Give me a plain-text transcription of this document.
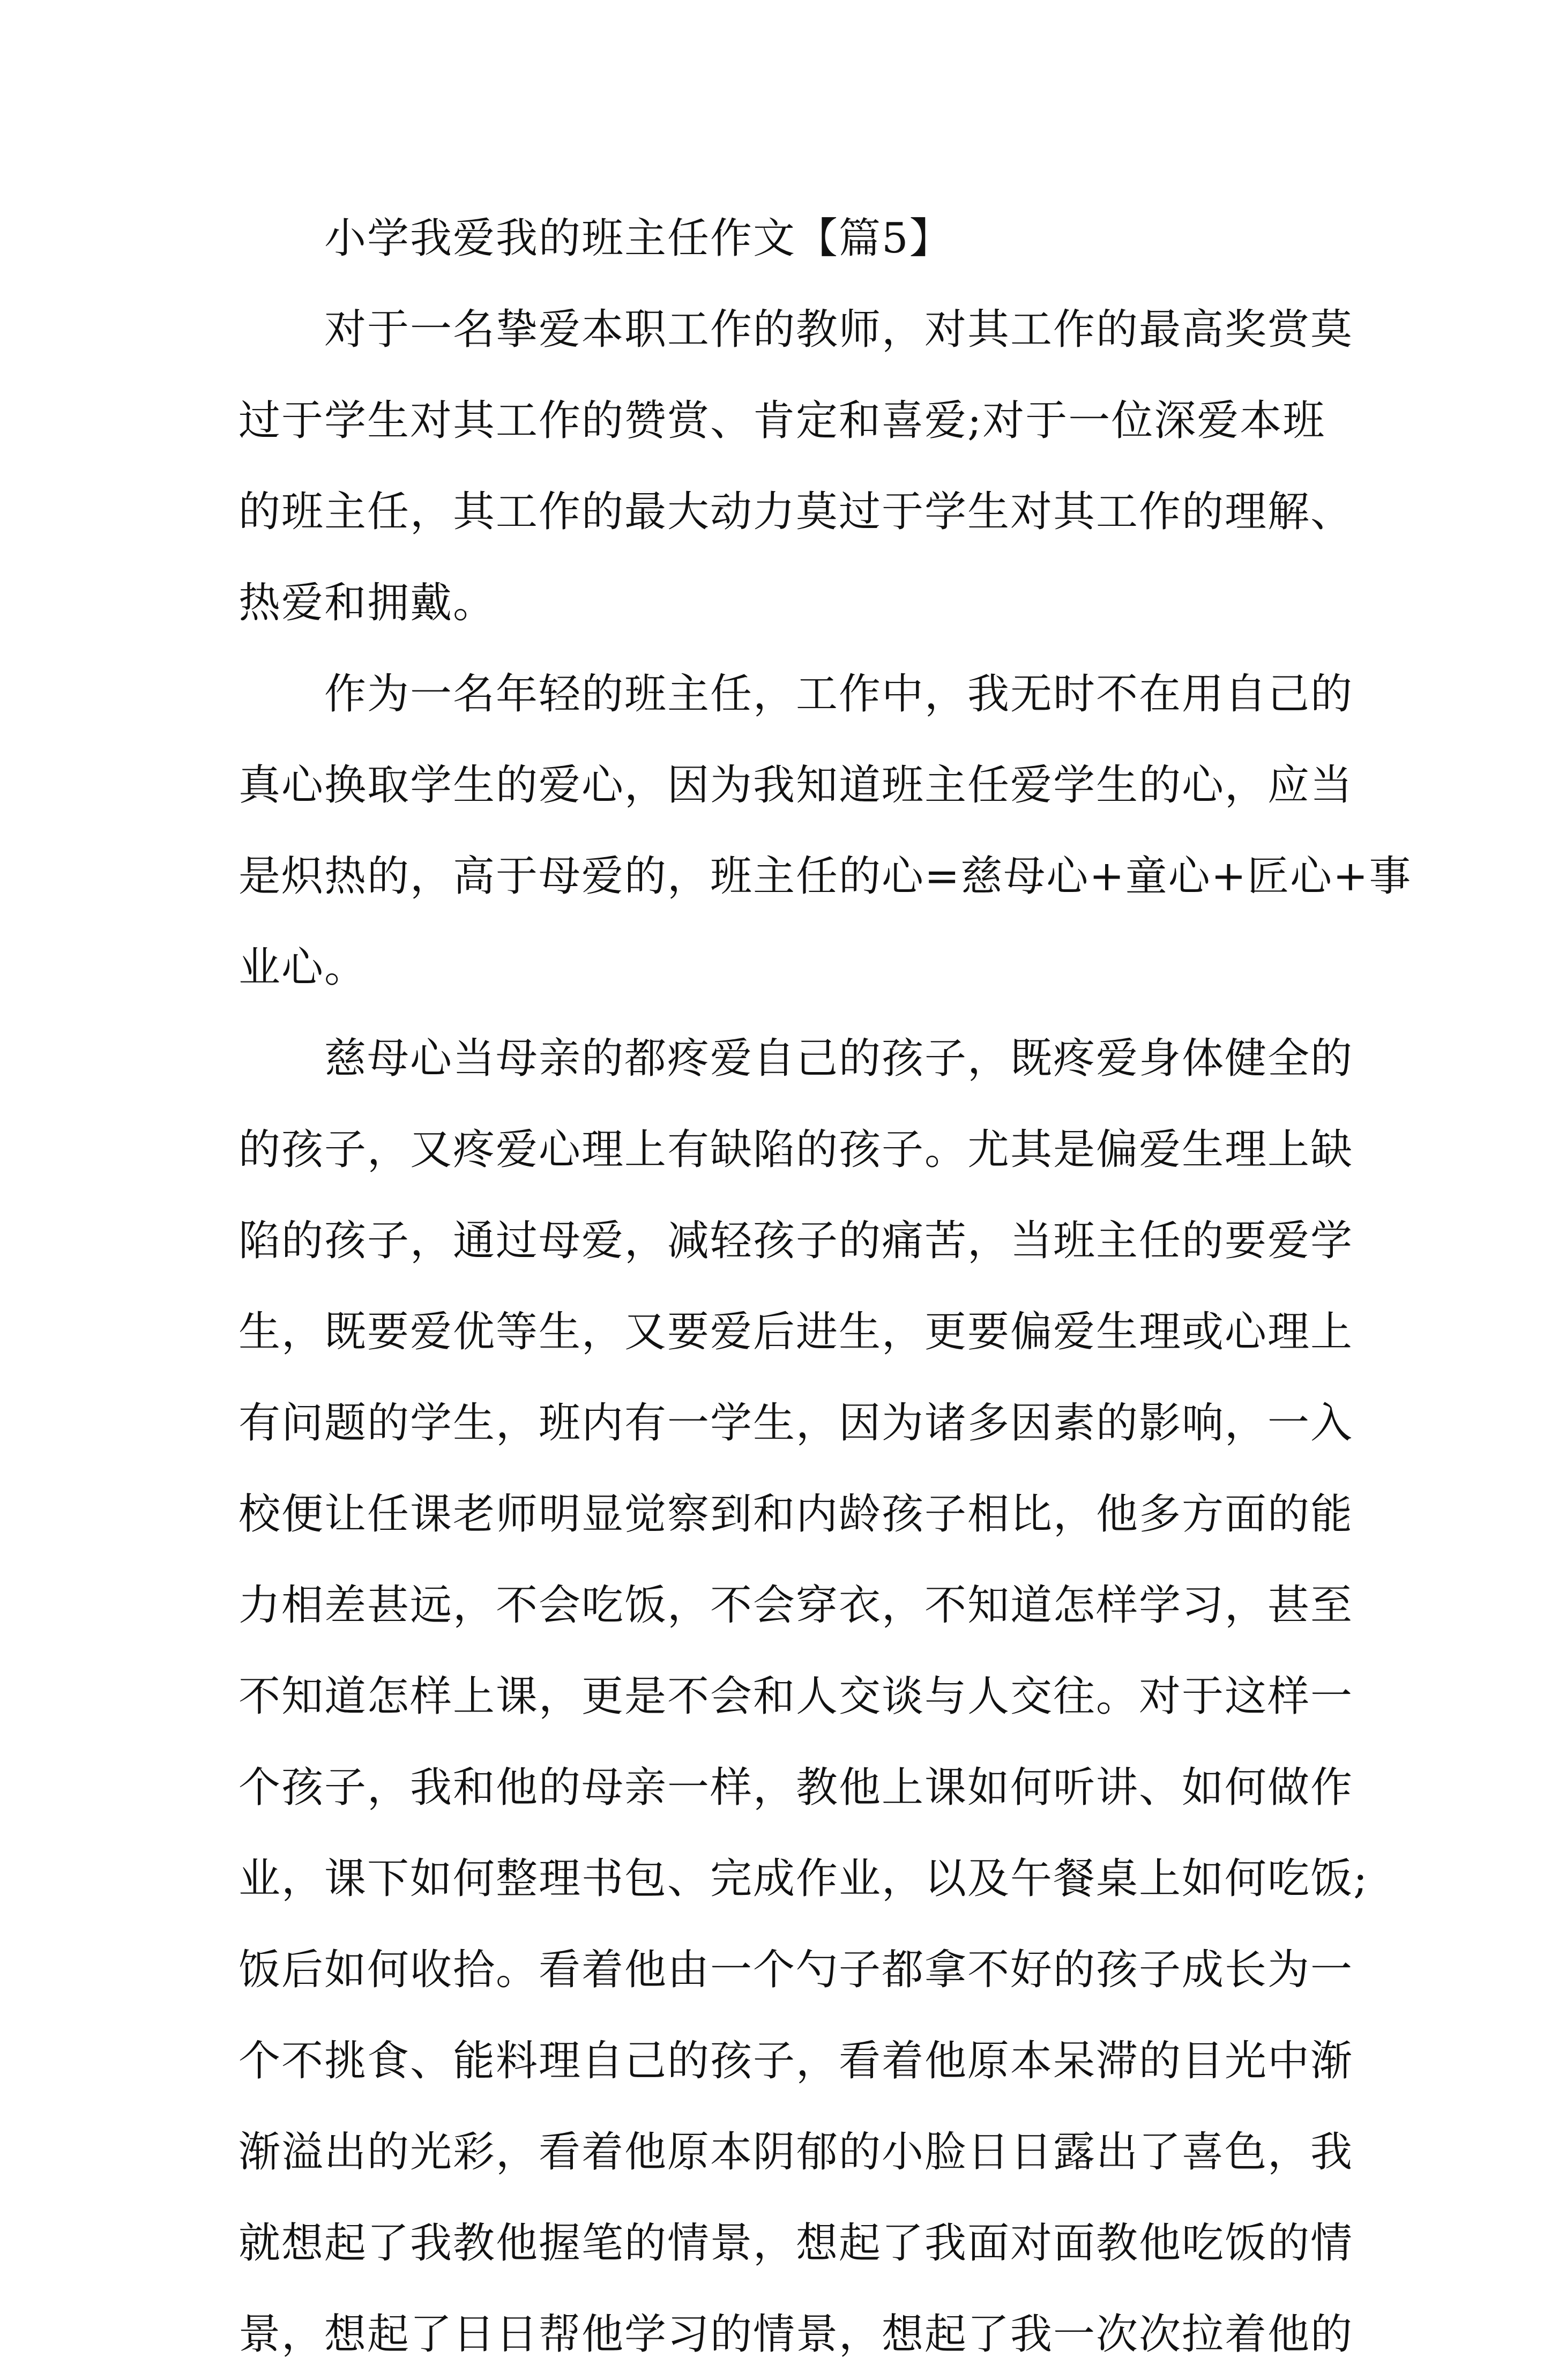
小学我爱我的班主任作文【篇5】
对于一名挚爱本职工作的教师，对其工作的最高奖赏莫
过于学生对其工作的赞赏、肯定和喜爱;对于一位深爱本班
的班主任，其工作的最大动力莫过于学生对其工作的理解、
热爱和拥戴。
作为一名年轻的班主任，工作中，我无时不在用自己的
真心换取学生的爱心，因为我知道班主任爱学生的心，应当
是炽热的，高于母爱的，班主任的心=慈母心+童心+匠心+事
业心。
慈母心当母亲的都疼爱自己的孩子，既疼爱身体健全的
的孩子，又疼爱心理上有缺陷的孩子。尤其是偏爱生理上缺
陷的孩子，通过母爱，减轻孩子的痛苦，当班主任的要爱学
生，既要爱优等生，又要爱后进生，更要偏爱生理或心理上
有问题的学生，班内有一学生，因为诸多因素的影响，一入
校便让任课老师明显觉察到和内龄孩子相比，他多方面的能
力相差甚远，不会吃饭，不会穿衣，不知道怎样学习，甚至
不知道怎样上课，更是不会和人交谈与人交往。对于这样一
个孩子，我和他的母亲一样，教他上课如何听讲、如何做作
业，课下如何整理书包、完成作业，以及午餐桌上如何吃饭;
饭后如何收拾。看着他由一个勺子都拿不好的孩子成长为一
个不挑食、能料理自己的孩子，看着他原本呆滞的目光中渐
渐溢出的光彩，看着他原本阴郁的小脸日日露出了喜色，我
就想起了我教他握笔的情景，想起了我面对面教他吃饭的情
景，想起了日日帮他学习的情景，想起了我一次次拉着他的
